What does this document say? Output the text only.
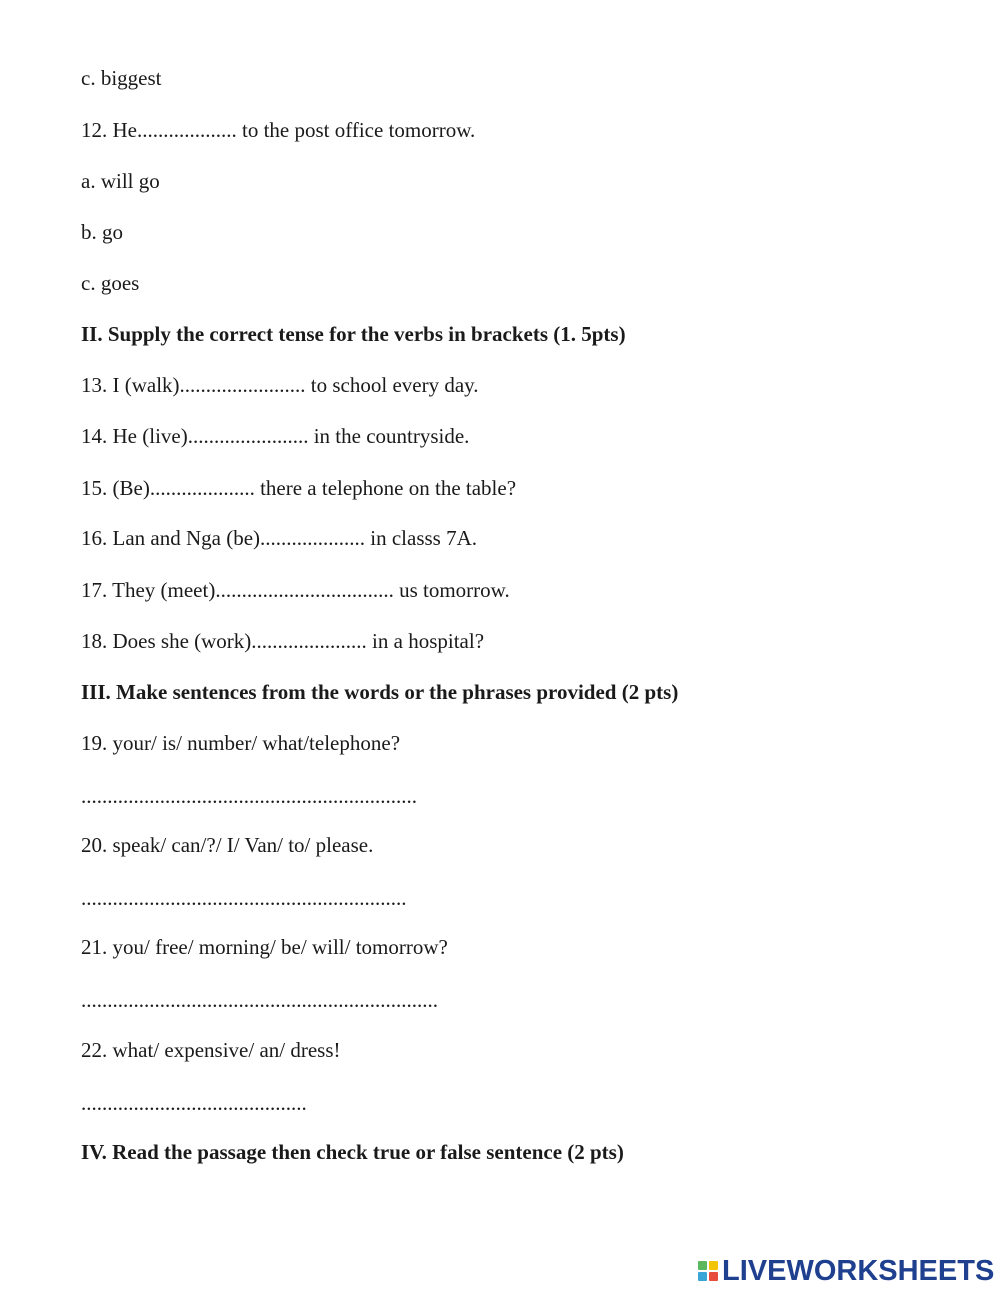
c. biggest
12. He................... to the post office tomorrow.
a. will go
b. go
c. goes
II. Supply the correct tense for the verbs in brackets (1. 5pts)
13. I (walk)........................ to school every day.
14. He (live)....................... in the countryside.
15. (Be).................... there a telephone on the table?
16. Lan and Nga (be).................... in classs 7A.
17. They (meet).................................. us tomorrow.
18. Does she (work)...................... in a hospital?
III. Make sentences from the words or the phrases provided (2 pts)
19. your/ is/ number/ what/telephone?
................................................................
20. speak/ can/?/ I/ Van/ to/ please.
..............................................................
21. you/ free/ morning/ be/ will/ tomorrow?
....................................................................
22. what/ expensive/ an/ dress!
...........................................
IV. Read the passage then check true or false sentence (2 pts)
LIVEWORKSHEETS
